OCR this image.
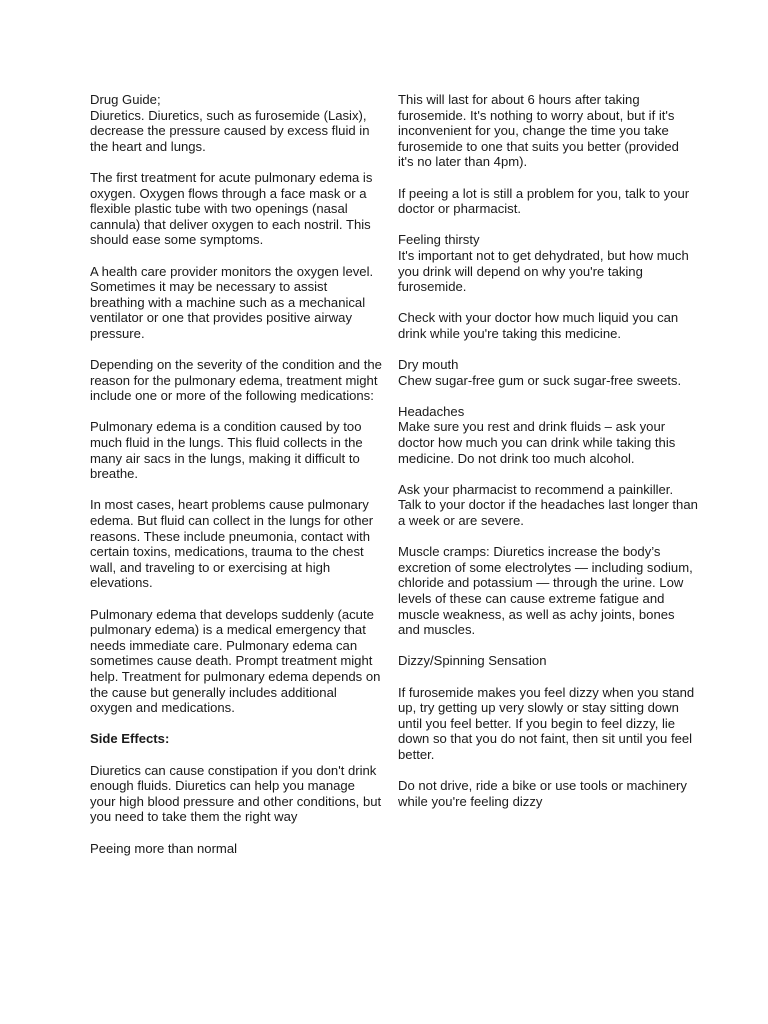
Drug Guide;
Diuretics. Diuretics, such as furosemide (Lasix), decrease the pressure caused by excess fluid in the heart and lungs.

The first treatment for acute pulmonary edema is oxygen. Oxygen flows through a face mask or a flexible plastic tube with two openings (nasal cannula) that deliver oxygen to each nostril. This should ease some symptoms.

A health care provider monitors the oxygen level. Sometimes it may be necessary to assist breathing with a machine such as a mechanical ventilator or one that provides positive airway pressure.

Depending on the severity of the condition and the reason for the pulmonary edema, treatment might include one or more of the following medications:

Pulmonary edema is a condition caused by too much fluid in the lungs. This fluid collects in the many air sacs in the lungs, making it difficult to breathe.

In most cases, heart problems cause pulmonary edema. But fluid can collect in the lungs for other reasons. These include pneumonia, contact with certain toxins, medications, trauma to the chest wall, and traveling to or exercising at high elevations.

Pulmonary edema that develops suddenly (acute pulmonary edema) is a medical emergency that needs immediate care. Pulmonary edema can sometimes cause death. Prompt treatment might help. Treatment for pulmonary edema depends on the cause but generally includes additional oxygen and medications.

Side Effects:

Diuretics can cause constipation if you don't drink enough fluids. Diuretics can help you manage your high blood pressure and other conditions, but you need to take them the right way

Peeing more than normal

This will last for about 6 hours after taking furosemide. It's nothing to worry about, but if it's inconvenient for you, change the time you take furosemide to one that suits you better (provided it's no later than 4pm).

If peeing a lot is still a problem for you, talk to your doctor or pharmacist.

Feeling thirsty
It's important not to get dehydrated, but how much you drink will depend on why you're taking furosemide.

Check with your doctor how much liquid you can drink while you're taking this medicine.

Dry mouth
Chew sugar-free gum or suck sugar-free sweets.

Headaches
Make sure you rest and drink fluids – ask your doctor how much you can drink while taking this medicine. Do not drink too much alcohol.

Ask your pharmacist to recommend a painkiller. Talk to your doctor if the headaches last longer than a week or are severe.

Muscle cramps: Diuretics increase the body’s excretion of some electrolytes — including sodium, chloride and potassium — through the urine. Low levels of these can cause extreme fatigue and muscle weakness, as well as achy joints, bones and muscles.

Dizzy/Spinning Sensation

If furosemide makes you feel dizzy when you stand up, try getting up very slowly or stay sitting down until you feel better. If you begin to feel dizzy, lie down so that you do not faint, then sit until you feel better.

Do not drive, ride a bike or use tools or machinery while you're feeling dizzy
